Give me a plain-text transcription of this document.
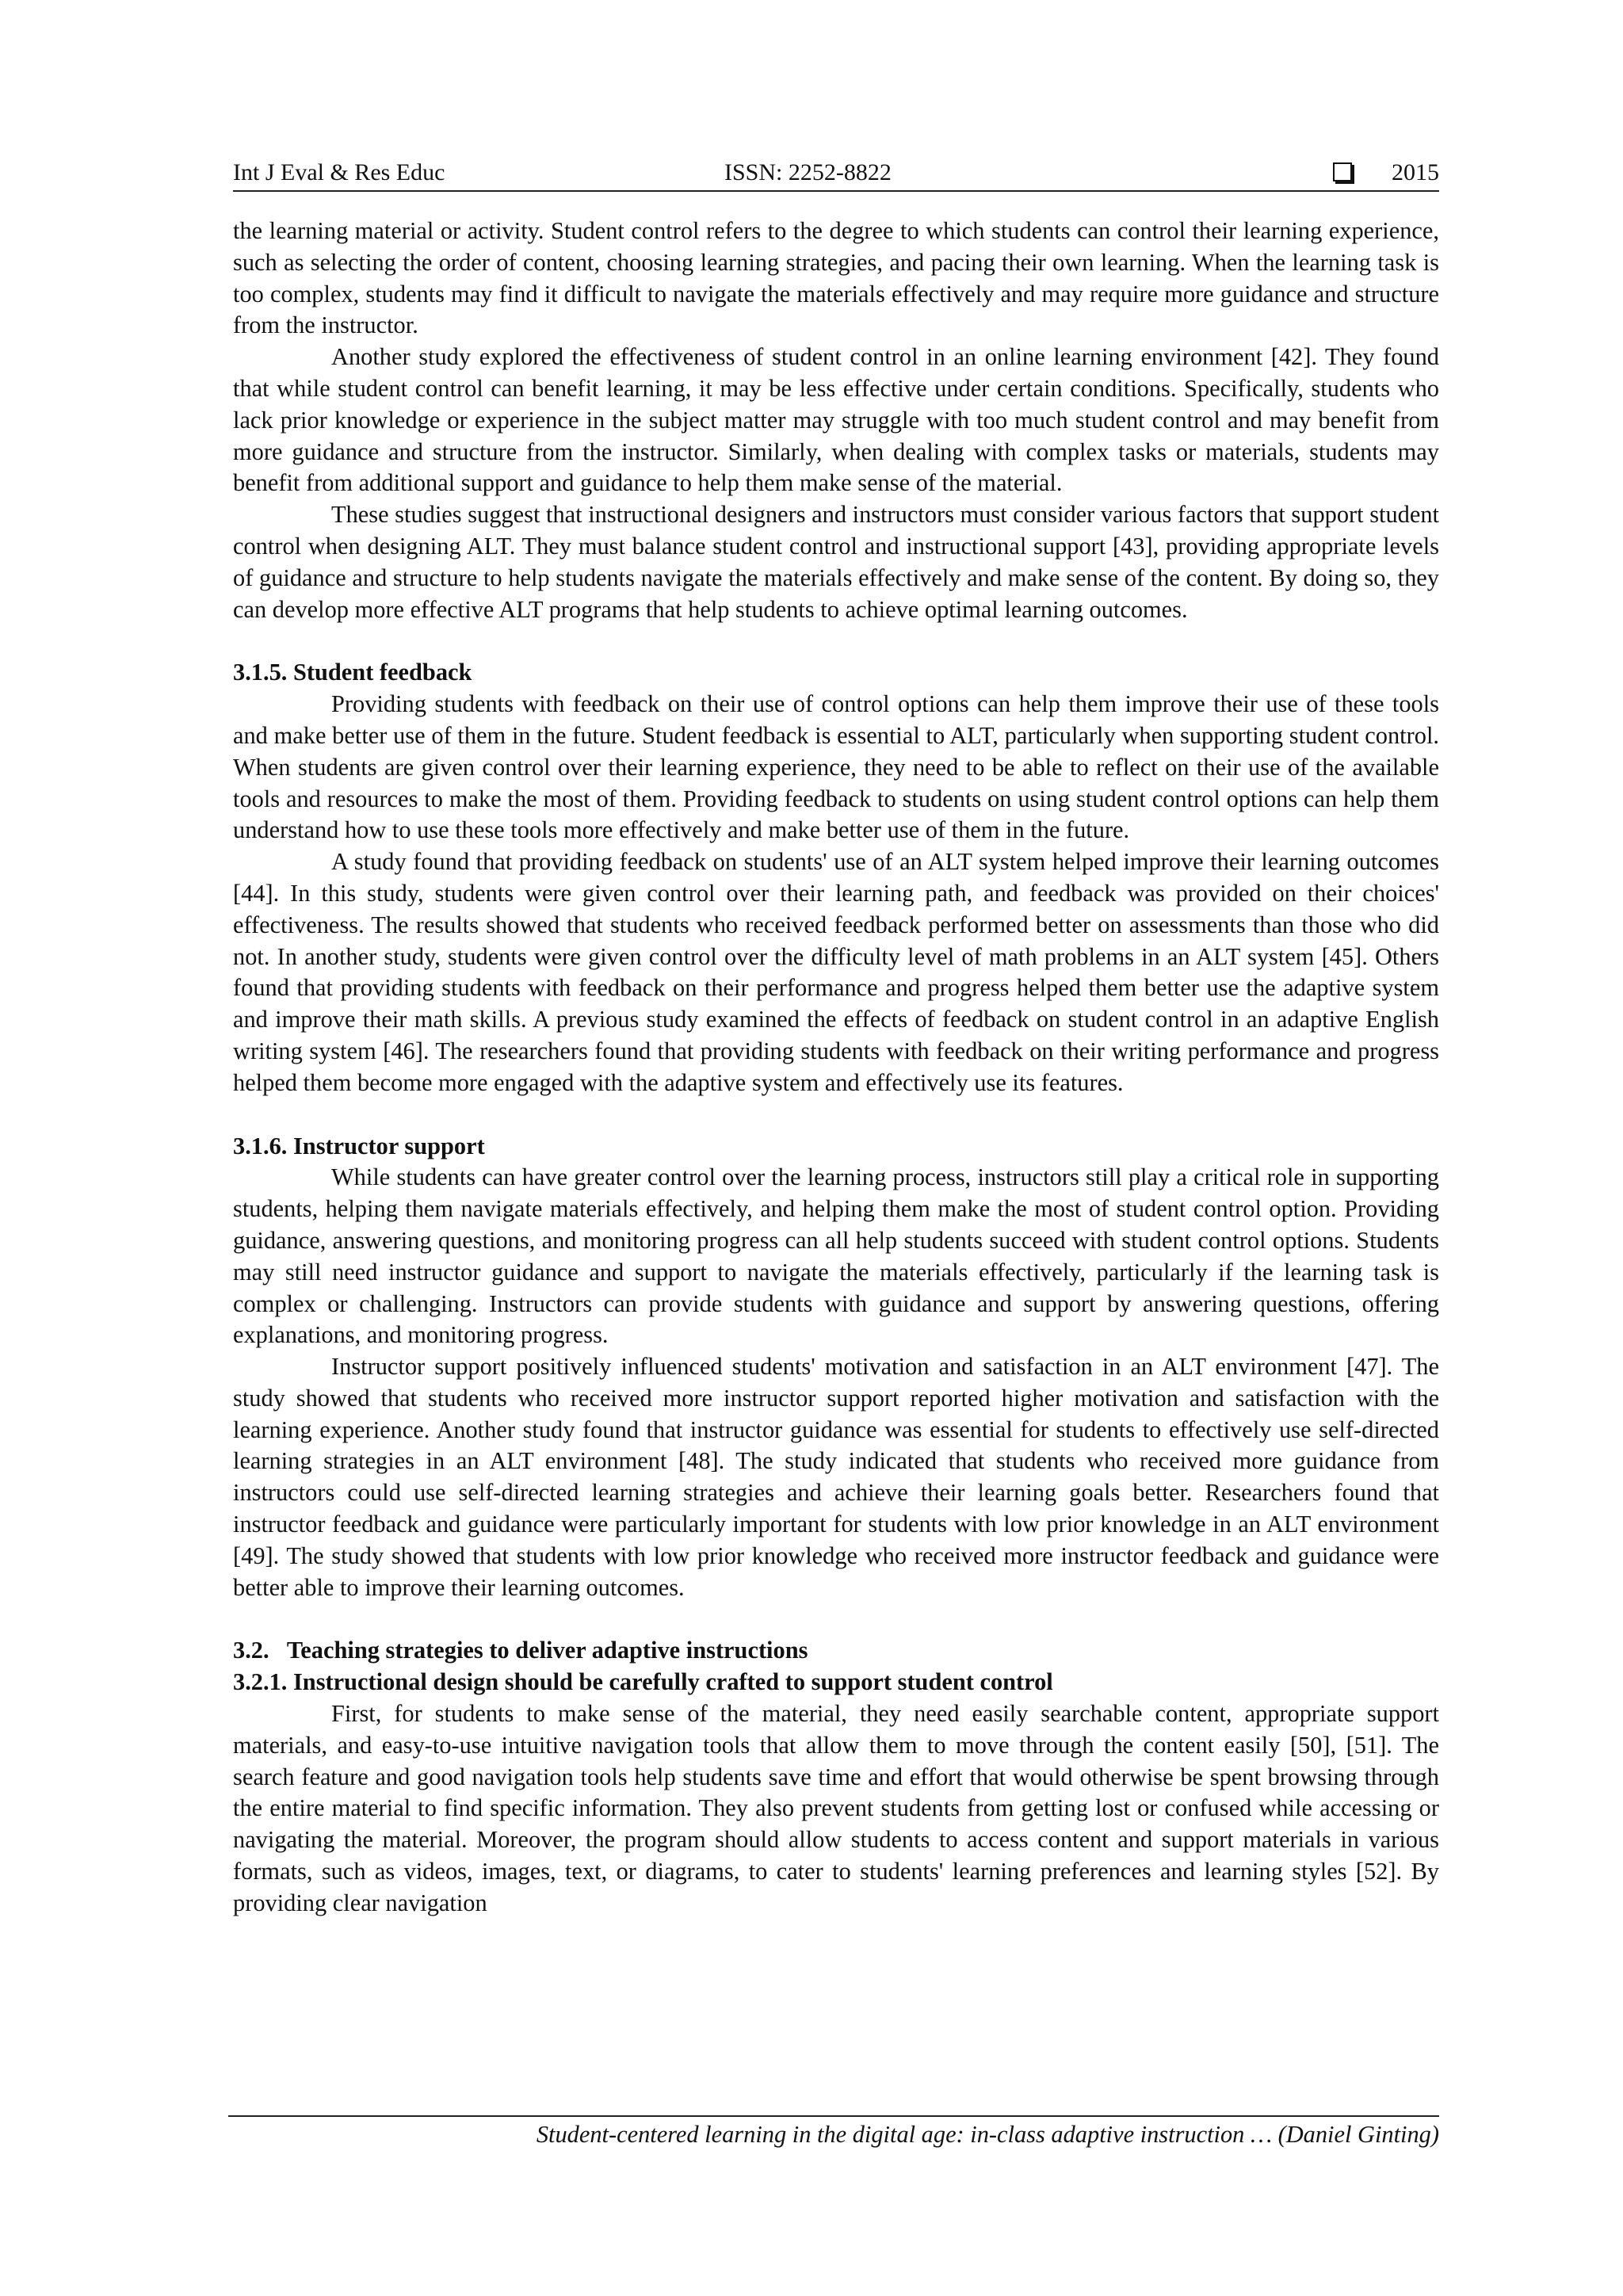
Int J Eval & Res Educ	ISSN: 2252-8822	2015

the learning material or activity. Student control refers to the degree to which students can control their learning experience, such as selecting the order of content, choosing learning strategies, and pacing their own learning. When the learning task is too complex, students may find it difficult to navigate the materials effectively and may require more guidance and structure from the instructor.

Another study explored the effectiveness of student control in an online learning environment [42]. They found that while student control can benefit learning, it may be less effective under certain conditions. Specifically, students who lack prior knowledge or experience in the subject matter may struggle with too much student control and may benefit from more guidance and structure from the instructor. Similarly, when dealing with complex tasks or materials, students may benefit from additional support and guidance to help them make sense of the material.

These studies suggest that instructional designers and instructors must consider various factors that support student control when designing ALT. They must balance student control and instructional support [43], providing appropriate levels of guidance and structure to help students navigate the materials effectively and make sense of the content. By doing so, they can develop more effective ALT programs that help students to achieve optimal learning outcomes.

3.1.5. Student feedback

Providing students with feedback on their use of control options can help them improve their use of these tools and make better use of them in the future. Student feedback is essential to ALT, particularly when supporting student control. When students are given control over their learning experience, they need to be able to reflect on their use of the available tools and resources to make the most of them. Providing feedback to students on using student control options can help them understand how to use these tools more effectively and make better use of them in the future.

A study found that providing feedback on students' use of an ALT system helped improve their learning outcomes [44]. In this study, students were given control over their learning path, and feedback was provided on their choices' effectiveness. The results showed that students who received feedback performed better on assessments than those who did not. In another study, students were given control over the difficulty level of math problems in an ALT system [45]. Others found that providing students with feedback on their performance and progress helped them better use the adaptive system and improve their math skills. A previous study examined the effects of feedback on student control in an adaptive English writing system [46]. The researchers found that providing students with feedback on their writing performance and progress helped them become more engaged with the adaptive system and effectively use its features.

3.1.6. Instructor support

While students can have greater control over the learning process, instructors still play a critical role in supporting students, helping them navigate materials effectively, and helping them make the most of student control option. Providing guidance, answering questions, and monitoring progress can all help students succeed with student control options. Students may still need instructor guidance and support to navigate the materials effectively, particularly if the learning task is complex or challenging. Instructors can provide students with guidance and support by answering questions, offering explanations, and monitoring progress.

Instructor support positively influenced students' motivation and satisfaction in an ALT environment [47]. The study showed that students who received more instructor support reported higher motivation and satisfaction with the learning experience. Another study found that instructor guidance was essential for students to effectively use self-directed learning strategies in an ALT environment [48]. The study indicated that students who received more guidance from instructors could use self-directed learning strategies and achieve their learning goals better. Researchers found that instructor feedback and guidance were particularly important for students with low prior knowledge in an ALT environment [49]. The study showed that students with low prior knowledge who received more instructor feedback and guidance were better able to improve their learning outcomes.

3.2.   Teaching strategies to deliver adaptive instructions
3.2.1. Instructional design should be carefully crafted to support student control

First, for students to make sense of the material, they need easily searchable content, appropriate support materials, and easy-to-use intuitive navigation tools that allow them to move through the content easily [50], [51]. The search feature and good navigation tools help students save time and effort that would otherwise be spent browsing through the entire material to find specific information. They also prevent students from getting lost or confused while accessing or navigating the material. Moreover, the program should allow students to access content and support materials in various formats, such as videos, images, text, or diagrams, to cater to students' learning preferences and learning styles [52]. By providing clear navigation

Student-centered learning in the digital age: in-class adaptive instruction … (Daniel Ginting)
